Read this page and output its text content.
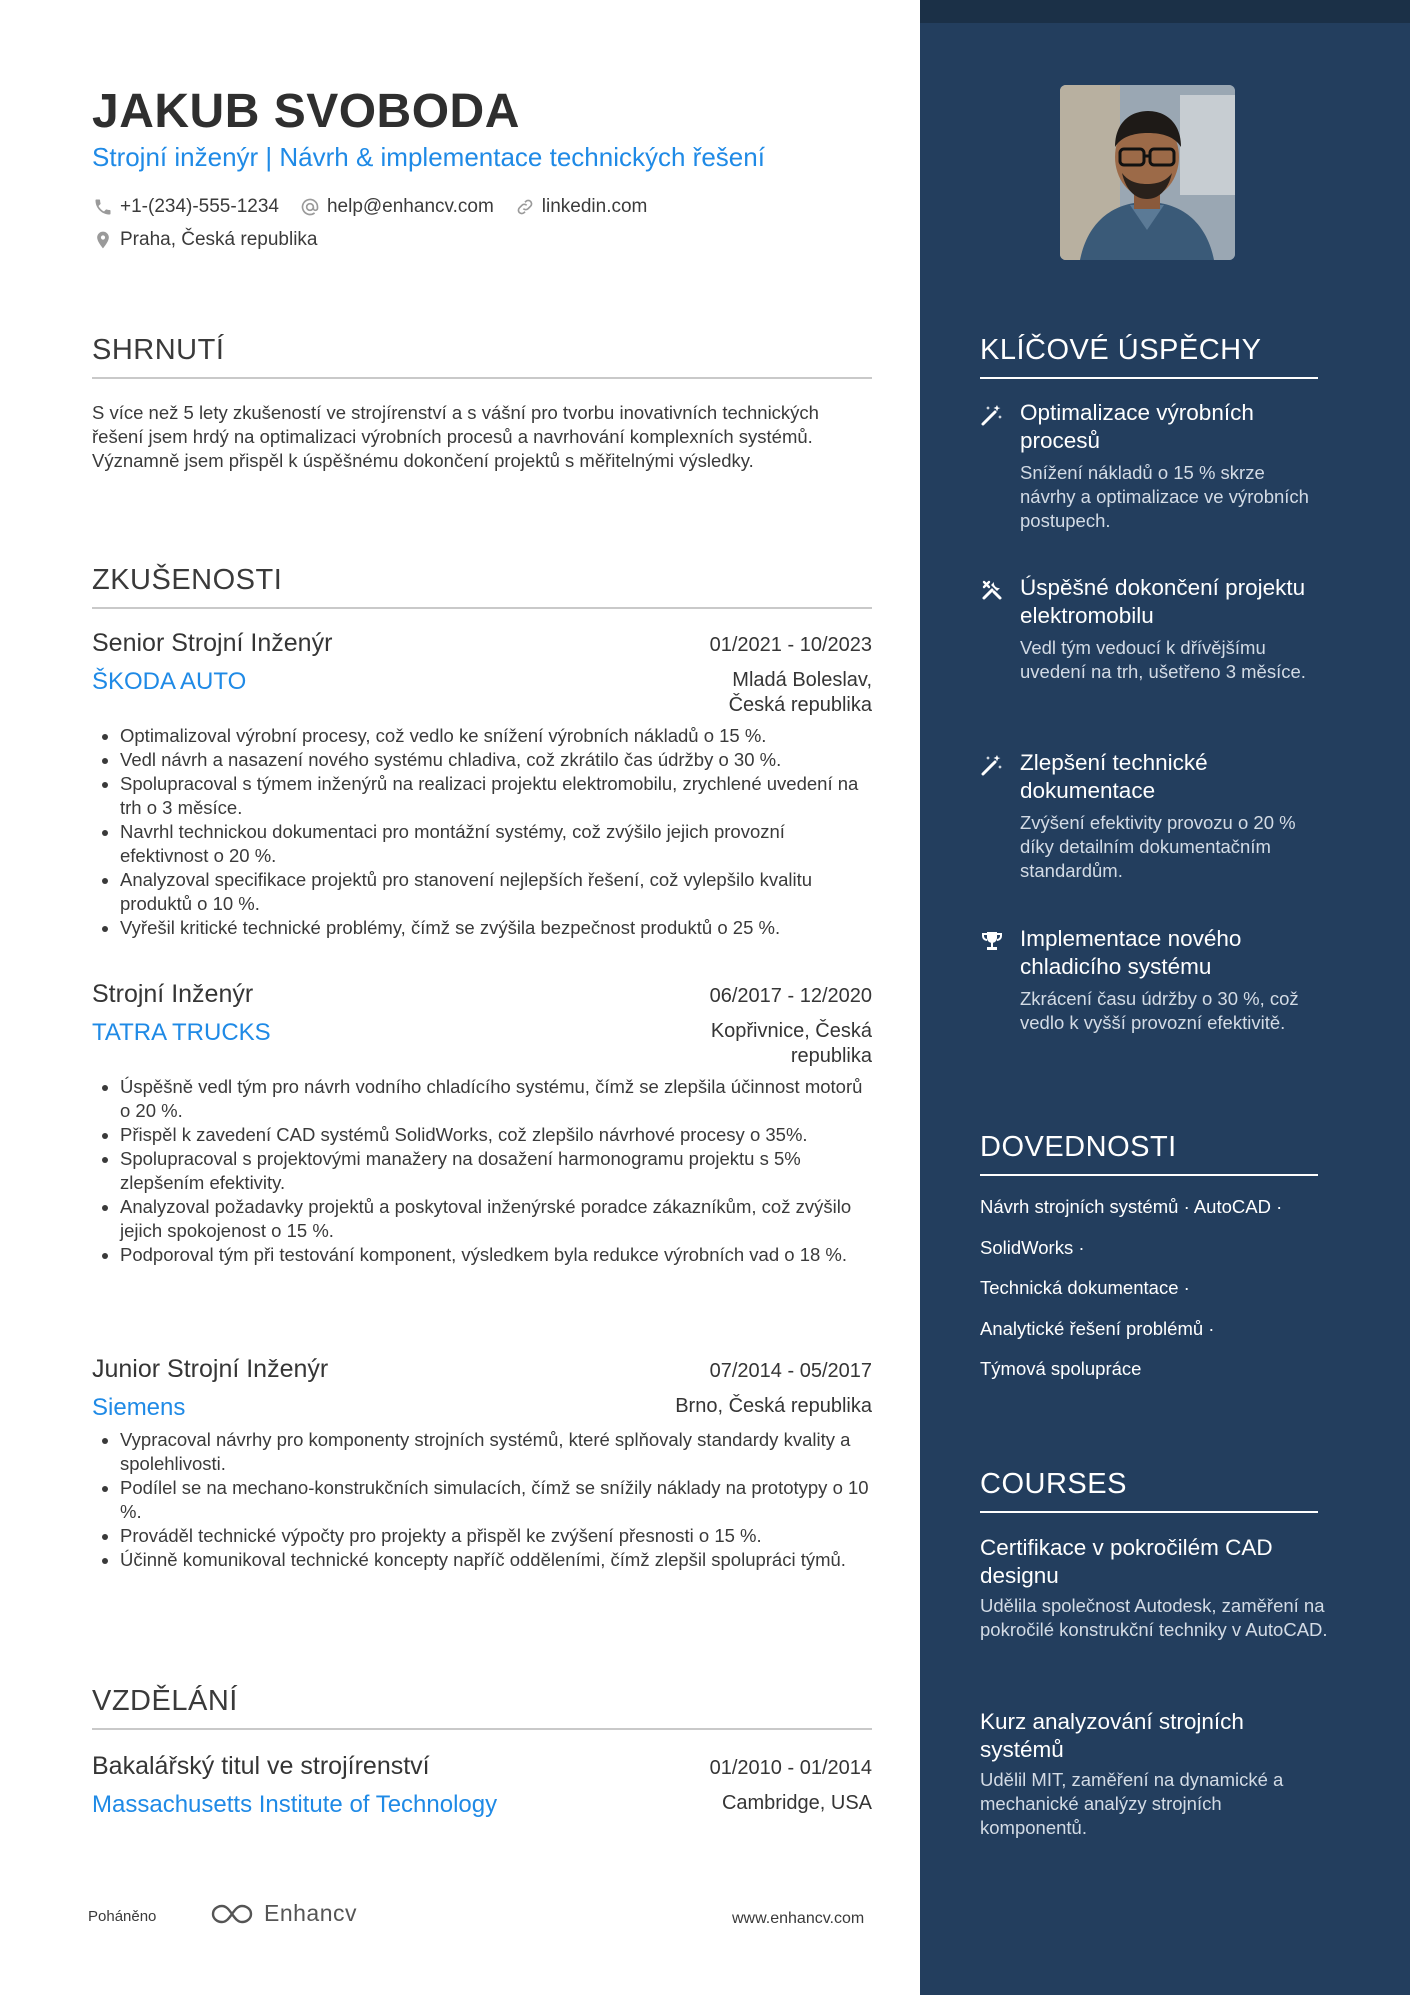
JAKUB SVOBODA
Strojní inženýr | Návrh & implementace technických řešení
+1-(234)-555-1234	help@enhancv.com	linkedin.com
Praha, Česká republika
SHRNUTÍ
S více než 5 lety zkušeností ve strojírenství a s vášní pro tvorbu inovativních technických řešení jsem hrdý na optimalizaci výrobních procesů a navrhování komplexních systémů. Významně jsem přispěl k úspěšnému dokončení projektů s měřitelnými výsledky.
ZKUŠENOSTI
Senior Strojní Inženýr	01/2021 - 10/2023
ŠKODA AUTO	Mladá Boleslav, Česká republika
• Optimalizoval výrobní procesy, což vedlo ke snížení výrobních nákladů o 15 %.
• Vedl návrh a nasazení nového systému chladiva, což zkrátilo čas údržby o 30 %.
• Spolupracoval s týmem inženýrů na realizaci projektu elektromobilu, zrychlené uvedení na trh o 3 měsíce.
• Navrhl technickou dokumentaci pro montážní systémy, což zvýšilo jejich provozní efektivnost o 20 %.
• Analyzoval specifikace projektů pro stanovení nejlepších řešení, což vylepšilo kvalitu produktů o 10 %.
• Vyřešil kritické technické problémy, čímž se zvýšila bezpečnost produktů o 25 %.
Strojní Inženýr	06/2017 - 12/2020
TATRA TRUCKS	Kopřivnice, Česká republika
• Úspěšně vedl tým pro návrh vodního chladícího systému, čímž se zlepšila účinnost motorů o 20 %.
• Přispěl k zavedení CAD systémů SolidWorks, což zlepšilo návrhové procesy o 35%.
• Spolupracoval s projektovými manažery na dosažení harmonogramu projektu s 5% zlepšením efektivity.
• Analyzoval požadavky projektů a poskytoval inženýrské poradce zákazníkům, což zvýšilo jejich spokojenost o 15 %.
• Podporoval tým při testování komponent, výsledkem byla redukce výrobních vad o 18 %.
Junior Strojní Inženýr	07/2014 - 05/2017
Siemens	Brno, Česká republika
• Vypracoval návrhy pro komponenty strojních systémů, které splňovaly standardy kvality a spolehlivosti.
• Podílel se na mechano-konstrukčních simulacích, čímž se snížily náklady na prototypy o 10 %.
• Prováděl technické výpočty pro projekty a přispěl ke zvýšení přesnosti o 15 %.
• Účinně komunikoval technické koncepty napříč odděleními, čímž zlepšil spolupráci týmů.
VZDĚLÁNÍ
Bakalářský titul ve strojírenství	01/2010 - 01/2014
Massachusetts Institute of Technology	Cambridge, USA
Poháněno	Enhancv	www.enhancv.com
KLÍČOVÉ ÚSPĚCHY
Optimalizace výrobních procesů
Snížení nákladů o 15 % skrze návrhy a optimalizace ve výrobních postupech.
Úspěšné dokončení projektu elektromobilu
Vedl tým vedoucí k dřívějšímu uvedení na trh, ušetřeno 3 měsíce.
Zlepšení technické dokumentace
Zvýšení efektivity provozu o 20 % díky detailním dokumentačním standardům.
Implementace nového chladicího systému
Zkrácení času údržby o 30 %, což vedlo k vyšší provozní efektivitě.
DOVEDNOSTI
Návrh strojních systémů · AutoCAD ·
SolidWorks ·
Technická dokumentace ·
Analytické řešení problémů ·
Týmová spolupráce
COURSES
Certifikace v pokročilém CAD designu
Udělila společnost Autodesk, zaměření na pokročilé konstrukční techniky v AutoCAD.
Kurz analyzování strojních systémů
Udělil MIT, zaměření na dynamické a mechanické analýzy strojních komponentů.
